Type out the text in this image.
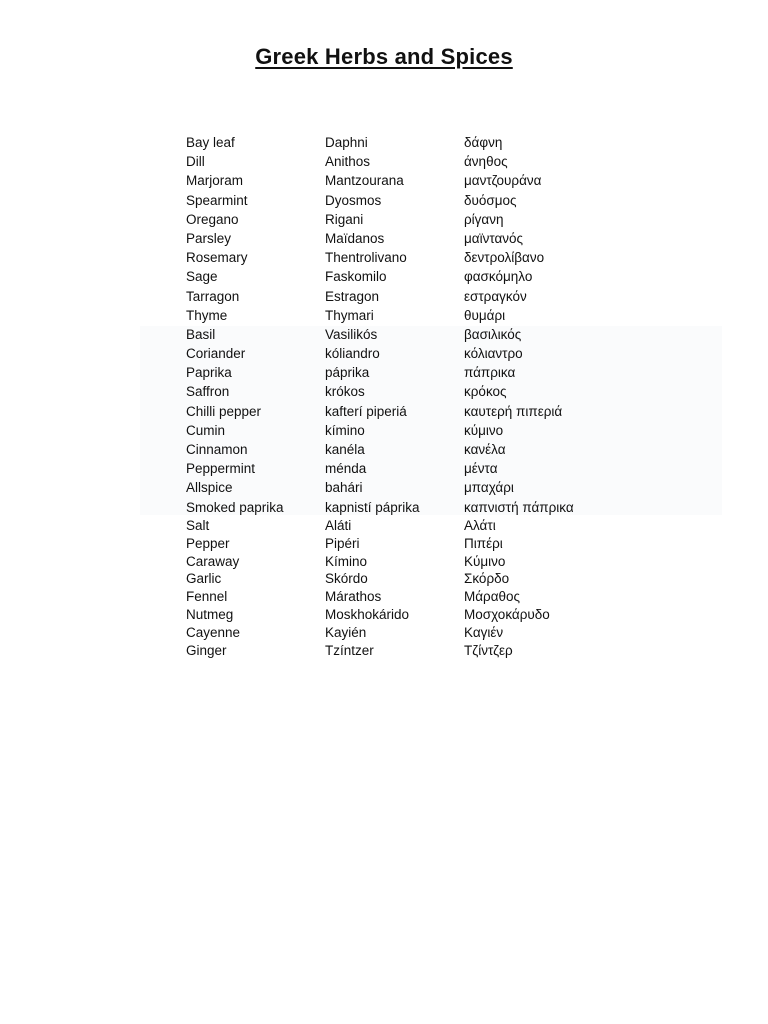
Greek Herbs and Spices
Bay leaf	Daphni	δάφνη
Dill	Anithos	άνηθος
Marjoram	Mantzourana	μαντζουράνα
Spearmint	Dyosmos	δυόσμος
Oregano	Rigani	ρίγανη
Parsley	Maïdanos	μαϊντανός
Rosemary	Thentrolivano	δεντρολίβανο
Sage	Faskomilo	φασκόμηλο
Tarragon	Estragon	εστραγκόν
Thyme	Thymari	θυμάρι
Basil	Vasilikós	βασιλικός
Coriander	kóliandro	κόλιαντρο
Paprika	páprika	πάπρικα
Saffron	krókos	κρόκος
Chilli pepper	kafterí piperiá	καυτερή πιπεριά
Cumin	kímino	κύμινο
Cinnamon	kanéla	κανέλα
Peppermint	ménda	μέντα
Allspice	bahári	μπαχάρι
Smoked paprika	kapnistí páprika	καπνιστή πάπρικα
Salt	Aláti	Αλάτι
Pepper	Pipéri	Πιπέρι
Caraway	Kímino	Κύμινο
Garlic	Skórdo	Σκόρδο
Fennel	Márathos	Μάραθος
Nutmeg	Moskhokárido	Μοσχοκάρυδο
Cayenne	Kayién	Καγιέν
Ginger	Tzíntzer	Τζίντζερ
